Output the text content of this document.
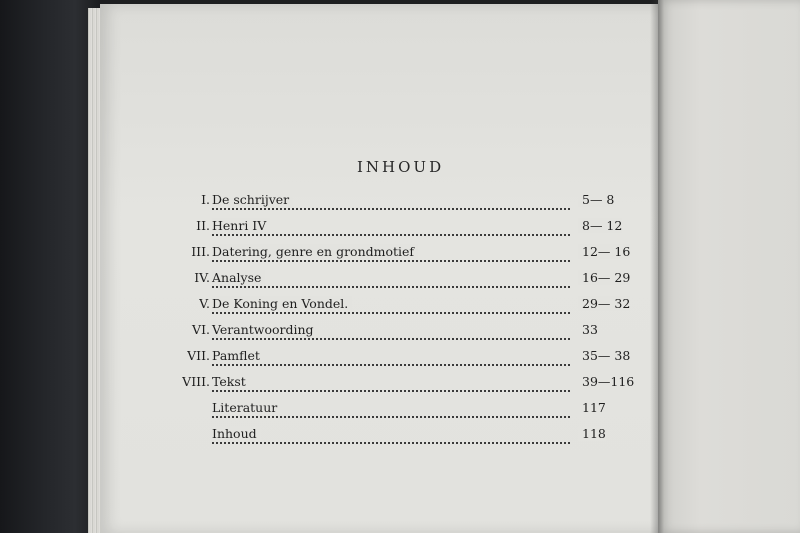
INHOUD
I. De schrijver	5— 8
II. Henri IV	8— 12
III. Datering, genre en grondmotief	12— 16
IV. Analyse	16— 29
V. De Koning en Vondel.	29— 32
VI. Verantwoording	33
VII. Pamflet	35— 38
VIII. Tekst	39—116
Literatuur	117
Inhoud	118
